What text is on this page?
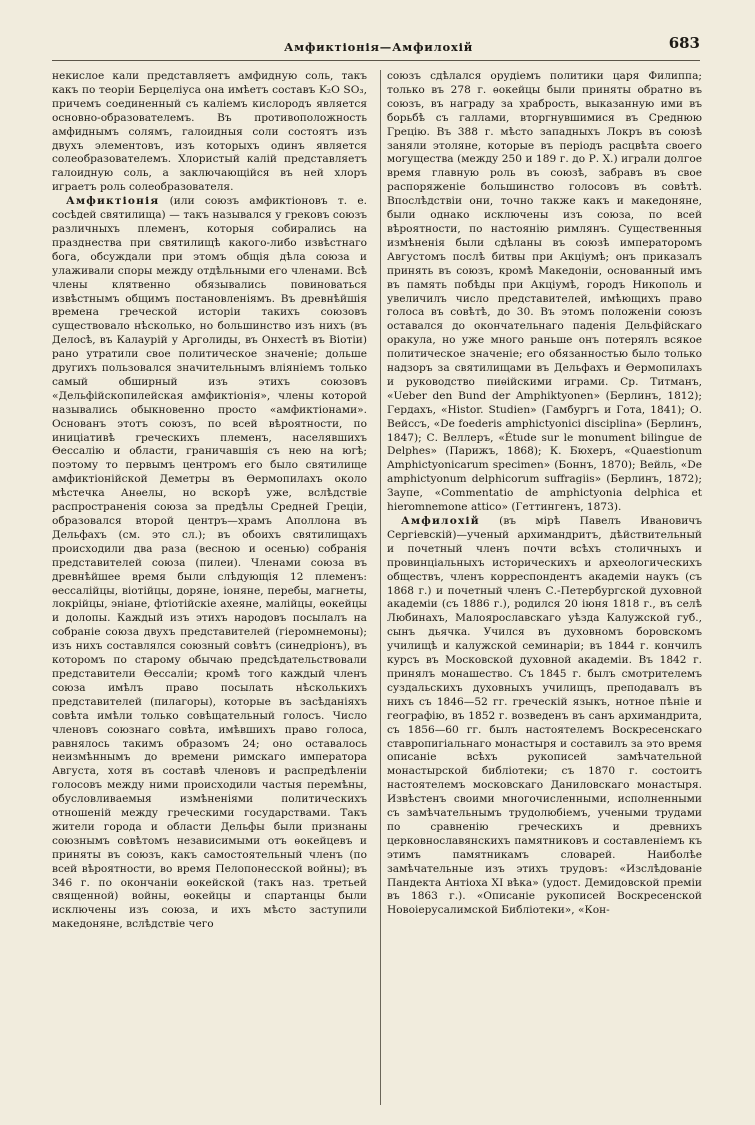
Амфиктіонія—Амфилохій	683

некислое кали представляетъ амфидную соль, такъ какъ по теоріи Берцеліуса она имѣетъ составъ K₂O SO₃, причемъ соединенный съ каліемъ кислородъ является основно-образователемъ. Въ противоположность амфиднымъ солямъ, галоидныя соли состоятъ изъ двухъ элементовъ, изъ которыхъ одинъ является солеобразователемъ. Хлористый калій представляетъ галоидную соль, а заключающійся въ ней хлоръ играетъ роль солеобразователя.

Амфиктіонія (или союзъ амфиктіоновъ т. е. сосѣдей святилища) — такъ назывался у грековъ союзъ различныхъ племенъ, которыя собирались на празднества при святилищѣ какого-либо извѣстнаго бога, обсуждали при этомъ общія дѣла союза и улаживали споры между отдѣльными его членами. Всѣ члены клятвенно обязывались повиноваться извѣстнымъ общимъ постановленіямъ. Въ древнѣйшія времена греческой исторіи такихъ союзовъ существовало нѣсколько, но большинство изъ нихъ (въ Делосѣ, въ Калаурій у Арголиды, въ Онхестѣ въ Віотіи) рано утратили свое политическое значеніе; дольше другихъ пользовался значительнымъ вліяніемъ только самый обширный изъ этихъ союзовъ «Дельфійскопилейская амфиктіонія», члены которой назывались обыкновенно просто «амфиктіонами». Основанъ этотъ союзъ, по всей вѣроятности, по иниціативѣ греческихъ племенъ, населявшихъ Ѳессалію и области, граничавшія съ нею на югѣ; поэтому то первымъ центромъ его было святилище амфиктіонійской Деметры въ Ѳермопилахъ около мѣстечка Анѳелы, но вскорѣ уже, вслѣдствіе распространенія союза за предѣлы Средней Греціи, образовался второй центръ—храмъ Аполлона въ Дельфахъ (см. это сл.); въ обоихъ святилищахъ происходили два раза (весною и осенью) собранія представителей союза (пилеи). Членами союза въ древнѣйшее время были слѣдующія 12 племенъ: ѳессалійцы, віотійцы, доряне, іоняне, перебы, магнеты, локрійцы, энiане, фтіотійскіе ахеяне, малійцы, ѳокейцы и долопы. Каждый изъ этихъ народовъ посылалъ на собраніе союза двухъ представителей (гіеромнемоны); изъ нихъ составлялся союзный совѣтъ (синедріонъ), въ которомъ по старому обычаю предсѣдательствовали представители Ѳессаліи; кромѣ того каждый членъ союза имѣлъ право посылать нѣсколькихъ представителей (пилагоры), которые въ засѣданіяхъ совѣта имѣли только совѣщательный голосъ. Число членовъ союзнаго совѣта, имѣвшихъ право голоса, равнялось такимъ образомъ 24; оно оставалось неизмѣннымъ до времени римскаго императора Августа, хотя въ составѣ членовъ и распредѣленіи голосовъ между ними происходили частыя перемѣны, обусловливаемыя измѣненіями политическихъ отношеній между греческими государствами. Такъ жители города и области Дельфы были признаны союзнымъ совѣтомъ независимыми отъ ѳокейцевъ и приняты въ союзъ, какъ самостоятельный членъ (по всей вѣроятности, во время Пелопонесской войны); въ 346 г. по окончаніи ѳокейской (такъ наз. третьей священной) войны, ѳокейцы и спартанцы были исключены изъ союза, и ихъ мѣсто заступили македоняне, вслѣдствіе чего

союзъ сдѣлался орудіемъ политики царя Филиппа; только въ 278 г. ѳокейцы были приняты обратно въ союзъ, въ награду за храбрость, выказанную ими въ борьбѣ съ галлами, вторгнувшимися въ Среднюю Грецію. Въ 388 г. мѣсто западныхъ Локръ въ союзѣ заняли этоляне, которые въ періодъ расцвѣта своего могущества (между 250 и 189 г. до Р. Х.) играли долгое время главную роль въ союзѣ, забравъ въ свое распоряженіе большинство голосовъ въ совѣтѣ. Впослѣдствіи они, точно также какъ и македоняне, были однако исключены изъ союза, по всей вѣроятности, по настоянію римлянъ. Существенныя измѣненія были сдѣланы въ союзѣ императоромъ Августомъ послѣ битвы при Акціумѣ; онъ приказалъ принять въ союзъ, кромѣ Македоніи, основанный имъ въ память побѣды при Акціумѣ, городъ Никополь и увеличилъ число представителей, имѣющихъ право голоса въ совѣтѣ, до 30. Въ этомъ положеніи союзъ оставался до окончательнаго паденія Дельфійскаго оракула, но уже много раньше онъ потерялъ всякое политическое значеніе; его обязанностью было только надзоръ за святилищами въ Дельфахъ и Ѳермопилахъ и руководство пиѳійскими играми. Ср. Титманъ, «Ueber den Bund der Amphiktyonen» (Берлинъ, 1812); Гердахъ, «Histor. Studien» (Гамбургъ и Гота, 1841); О. Вейссъ, «De foederis amphictyonici disciplina» (Берлинъ, 1847); С. Веллеръ, «Étude sur le monument bilingue de Delphes» (Парижъ, 1868); К. Бюхеръ, «Quaestionum Amphictyonicarum specimen» (Боннъ, 1870); Вейль, «De amphictyonum delphicorum suffragiis» (Берлинъ, 1872); Заупе, «Commentatio de amphictyonia delphica et hieromnemone attico» (Геттингенъ, 1873).

Амфилохій (въ мірѣ Павелъ Ивановичъ Сергіевскій)—ученый архимандритъ, дѣйствительный и почетный членъ почти всѣхъ столичныхъ и провинціальныхъ историческихъ и археологическихъ обществъ, членъ корреспондентъ академіи наукъ (съ 1868 г.) и почетный членъ С.-Петербургской духовной академіи (съ 1886 г.), родился 20 іюня 1818 г., въ селѣ Любинахъ, Малоярославскаго уѣзда Калужской губ., сынъ дьячка. Учился въ духовномъ боровскомъ училищѣ и калужской семинаріи; въ 1844 г. кончилъ курсъ въ Московской духовной академіи. Въ 1842 г. принялъ монашество. Съ 1845 г. былъ смотрителемъ суздальскихъ духовныхъ училищъ, преподавалъ въ нихъ съ 1846—52 гг. греческій языкъ, нотное пѣніе и географію, въ 1852 г. возведенъ въ санъ архимандрита, съ 1856—60 гг. былъ настоятелемъ Воскресенскаго ставропигіальнаго монастыря и составилъ за это время описаніе всѣхъ рукописей замѣчательной монастырской библіотеки; съ 1870 г. состоитъ настоятелемъ московскаго Даниловскаго монастыря. Извѣстенъ своими многочисленными, исполненными съ замѣчательнымъ трудолюбіемъ, учеными трудами по сравненію греческихъ и древнихъ церковнославянскихъ памятниковъ и составленіемъ къ этимъ памятникамъ словарей. Наиболѣе замѣчательные изъ этихъ трудовъ: «Изслѣдованіе Пандекта Антіоха XI вѣка» (удост. Демидовской преміи въ 1863 г.). «Описаніе рукописей Воскресенской Новоіерусалимской Библіотеки», «Кон-
